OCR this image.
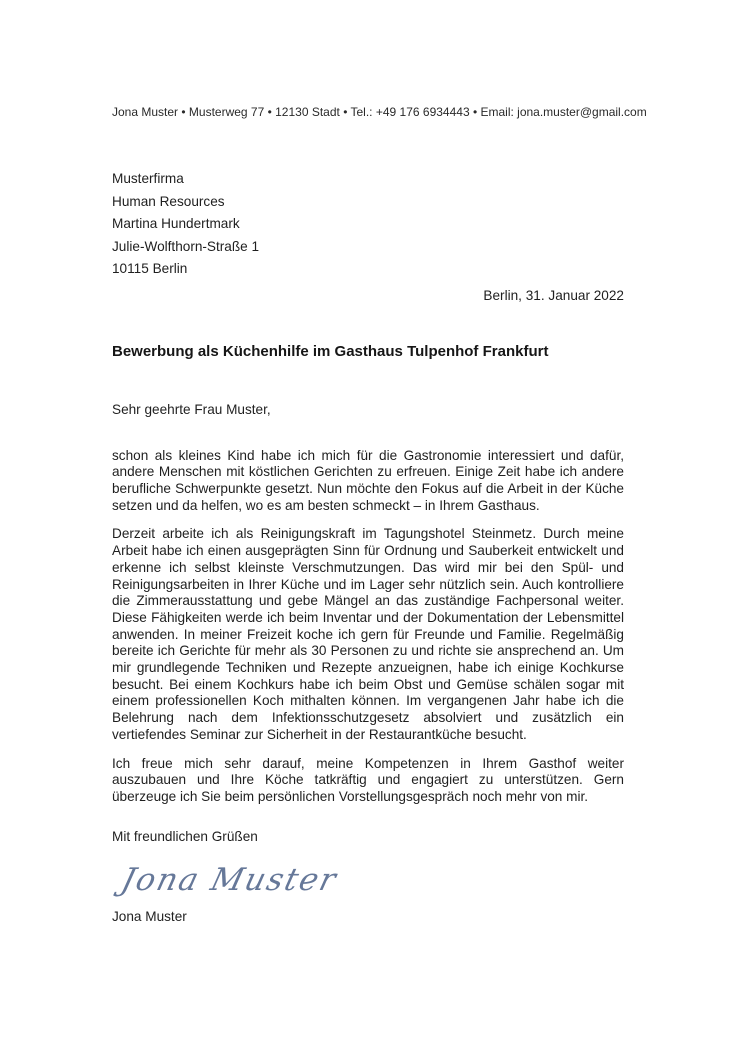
Jona Muster • Musterweg 77 • 12130 Stadt • Tel.: +49 176 6934443 • Email: jona.muster@gmail.com
Musterfirma
Human Resources
Martina Hundertmark
Julie-Wolfthorn-Straße 1
10115 Berlin
Berlin, 31. Januar 2022
Bewerbung als Küchenhilfe im Gasthaus Tulpenhof Frankfurt
Sehr geehrte Frau Muster,

schon als kleines Kind habe ich mich für die Gastronomie interessiert und dafür, andere Menschen mit köstlichen Gerichten zu erfreuen. Einige Zeit habe ich andere berufliche Schwerpunkte gesetzt. Nun möchte den Fokus auf die Arbeit in der Küche setzen und da helfen, wo es am besten schmeckt – in Ihrem Gasthaus.

Derzeit arbeite ich als Reinigungskraft im Tagungshotel Steinmetz. Durch meine Arbeit habe ich einen ausgeprägten Sinn für Ordnung und Sauberkeit entwickelt und erkenne ich selbst kleinste Verschmutzungen. Das wird mir bei den Spül- und Reinigungsarbeiten in Ihrer Küche und im Lager sehr nützlich sein. Auch kontrolliere die Zimmerausstattung und gebe Mängel an das zuständige Fachpersonal weiter. Diese Fähigkeiten werde ich beim Inventar und der Dokumentation der Lebensmittel anwenden. In meiner Freizeit koche ich gern für Freunde und Familie. Regelmäßig bereite ich Gerichte für mehr als 30 Personen zu und richte sie ansprechend an. Um mir grundlegende Techniken und Rezepte anzueignen, habe ich einige Kochkurse besucht. Bei einem Kochkurs habe ich beim Obst und Gemüse schälen sogar mit einem professionellen Koch mithalten können. Im vergangenen Jahr habe ich die Belehrung nach dem Infektionsschutzgesetz absolviert und zusätzlich ein vertiefendes Seminar zur Sicherheit in der Restaurantküche besucht.

Ich freue mich sehr darauf, meine Kompetenzen in Ihrem Gasthof weiter auszubauen und Ihre Köche tatkräftig und engagiert zu unterstützen. Gern überzeuge ich Sie beim persönlichen Vorstellungsgespräch noch mehr von mir.

Mit freundlichen Grüßen
Jona Muster
Jona Muster
